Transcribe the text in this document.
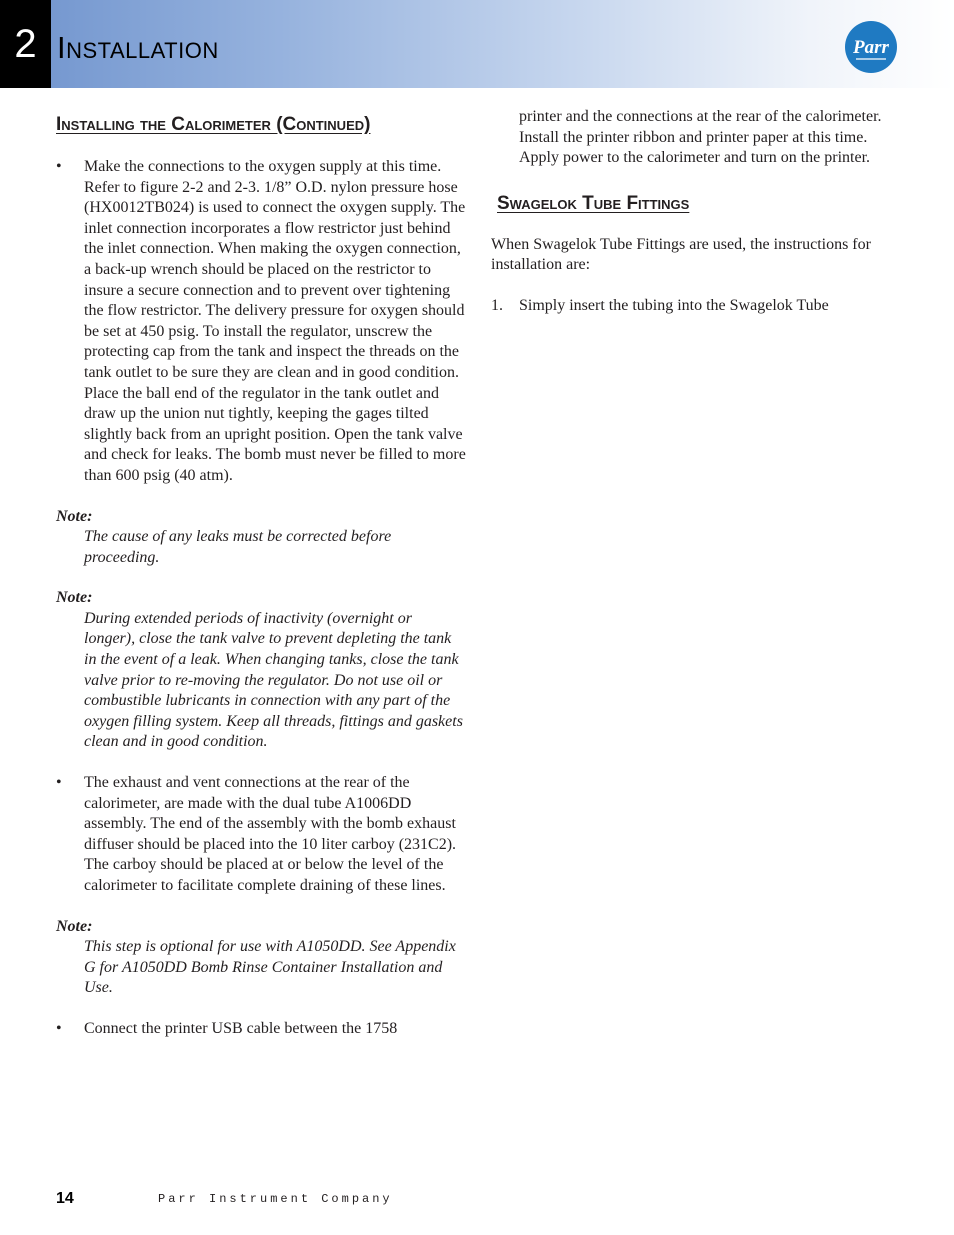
2 Installation	Parr
Installing the Calorimeter (Continued)
• Make the connections to the oxygen supply at this time. Refer to figure 2-2 and 2-3. 1/8” O.D. nylon pressure hose (HX0012TB024) is used to connect the oxygen supply. The inlet connection incorporates a flow restrictor just behind the inlet connection. When making the oxygen connection, a back-up wrench should be placed on the restrictor to insure a secure connection and to prevent over tightening the flow restrictor. The delivery pressure for oxygen should be set at 450 psig. To install the regulator, unscrew the protecting cap from the tank and inspect the threads on the tank outlet to be sure they are clean and in good condition. Place the ball end of the regulator in the tank outlet and draw up the union nut tightly, keeping the gages tilted slightly back from an upright position. Open the tank valve and check for leaks. The bomb must never be filled to more than 600 psig (40 atm).

Note:

The cause of any leaks must be corrected before proceeding.

Note:

During extended periods of inactivity (overnight or longer), close the tank valve to prevent depleting the tank in the event of a leak. When changing tanks, close the tank valve prior to re-moving the regulator. Do not use oil or combustible lubricants in connection with any part of the oxygen filling system. Keep all threads, fittings and gaskets clean and in good condition.

• The exhaust and vent connections at the rear of the calorimeter, are made with the dual tube A1006DD assembly. The end of the assembly with the bomb exhaust diffuser should be placed into the 10 liter carboy (231C2). The carboy should be placed at or below the level of the calorimeter to facilitate complete draining of these lines.

Note:

This step is optional for use with A1050DD. See Appendix G for A1050DD Bomb Rinse Container Installation and Use.

• Connect the printer USB cable between the 1758

printer and the connections at the rear of the calorimeter. Install the printer ribbon and printer paper at this time. Apply power to the calorimeter and turn on the printer.

Swagelok Tube Fittings

When Swagelok Tube Fittings are used, the instructions for installation are:

1. Simply insert the tubing into the Swagelok Tube

14	Parr Instrument Company
